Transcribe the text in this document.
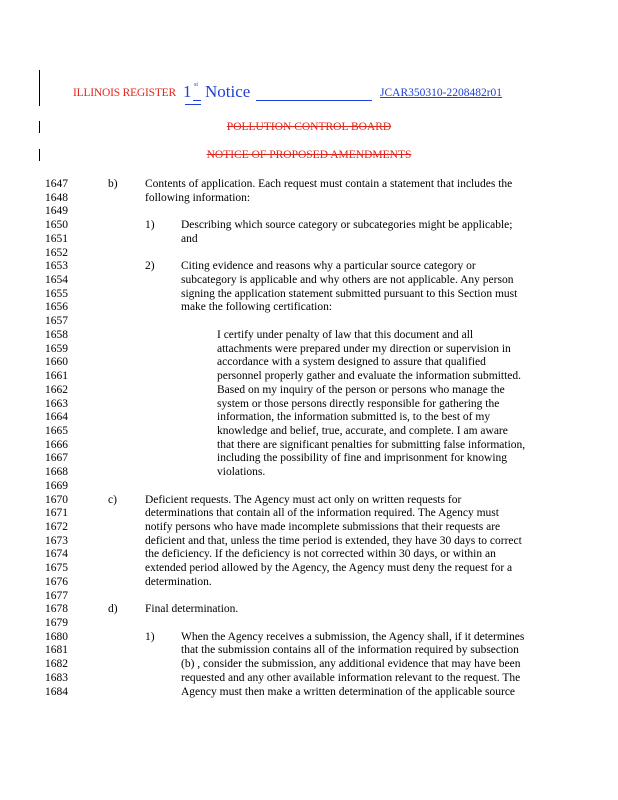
ILLINOIS REGISTER 1 st Notice	JCAR350310-2208482r01
POLLUTION CONTROL BOARD
NOTICE OF PROPOSED AMENDMENTS
1647
1648
1649
1650
1651
1652
1653
1654
1655
1656
1657
1658
1659
1660
1661
1662
1663
1664
1665
1666
1667
1668
1669
1670
1671
1672
1673
1674
1675
1676
1677
1678
1679
1680
1681
1682
1683
1684
b) Contents of application. Each request must contain a statement that includes the
following information:
1) Describing which source category or subcategories might be applicable;
and
2) Citing evidence and reasons why a particular source category or
subcategory is applicable and why others are not applicable. Any person
signing the application statement submitted pursuant to this Section must
make the following certification:
I certify under penalty of law that this document and all
attachments were prepared under my direction or supervision in
accordance with a system designed to assure that qualified
personnel properly gather and evaluate the information submitted.
Based on my inquiry of the person or persons who manage the
system or those persons directly responsible for gathering the
information, the information submitted is, to the best of my
knowledge and belief, true, accurate, and complete. I am aware
that there are significant penalties for submitting false information,
including the possibility of fine and imprisonment for knowing
violations.
c) Deficient requests. The Agency must act only on written requests for
determinations that contain all of the information required. The Agency must
notify persons who have made incomplete submissions that their requests are
deficient and that, unless the time period is extended, they have 30 days to correct
the deficiency. If the deficiency is not corrected within 30 days, or within an
extended period allowed by the Agency, the Agency must deny the request for a
determination.
d) Final determination.
1) When the Agency receives a submission, the Agency shall, if it determines
that the submission contains all of the information required by subsection
(b) , consider the submission, any additional evidence that may have been
requested and any other available information relevant to the request. The
Agency must then make a written determination of the applicable source
